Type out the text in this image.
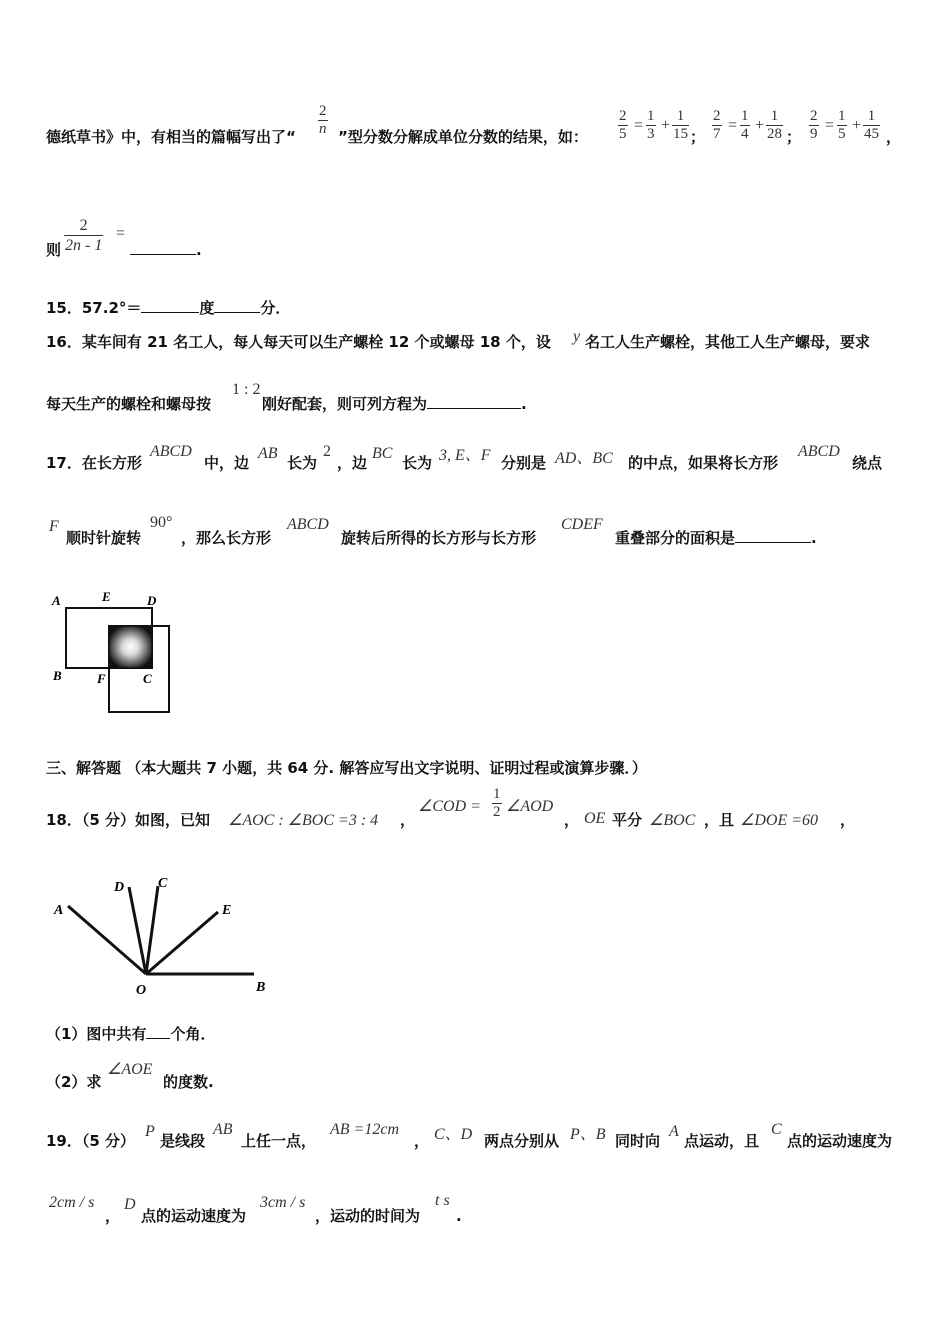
2
n
德纸草书》中，有相当的篇幅写出了“	”型分数分解成单位分数的结果，如：
2
5 =
1
3 +
1
15 ；
2
7 =
1
4 +
1
28 ；
2
9 =
1
5 +
1
45 ，
则
2
2n - 1
=
.
15．57.2°＝	度	分．
16．某车间有 21 名工人，每人每天可以生产螺栓 12 个或螺母 18 个，设 y 名工人生产螺栓，其他工人生产螺母，要求
每天生产的螺栓和螺母按
1 : 2
刚好配套，则可列方程为	.
17．在长方形
ABCD
中，边
AB
长为
2
，边
BC
长为 3, E、F 分别是 AD、BC 的中点，如果将长方形
ABCD
绕点
F
顺时针旋转
90°
，那么长方形
ABCD
旋转后所得的长方形与长方形
CDEF
重叠部分的面积是	.
A	E	D
B	F	C
三、解答题 （本大题共 7 小题，共 64 分. 解答应写出文字说明、证明过程或演算步骤．）
18．（5 分）如图，已知 ∠AOC : ∠BOC =3 : 4 ，
∠COD =
1
2 ∠AOD
， OE 平分 ∠BOC ，且 ∠DOE =60 ，
A
D C
E
O	B
（1）图中共有 个角．
（2）求
∠AOE
的度数.
19．（5 分）
P
是线段
AB
上任一点，
AB =12cm
， C、D 两点分别从 P、B 同时向
A
点运动，且
C
点的运动速度为
2cm / s
，
D
点的运动速度为
3cm / s
，运动的时间为
t s
.
